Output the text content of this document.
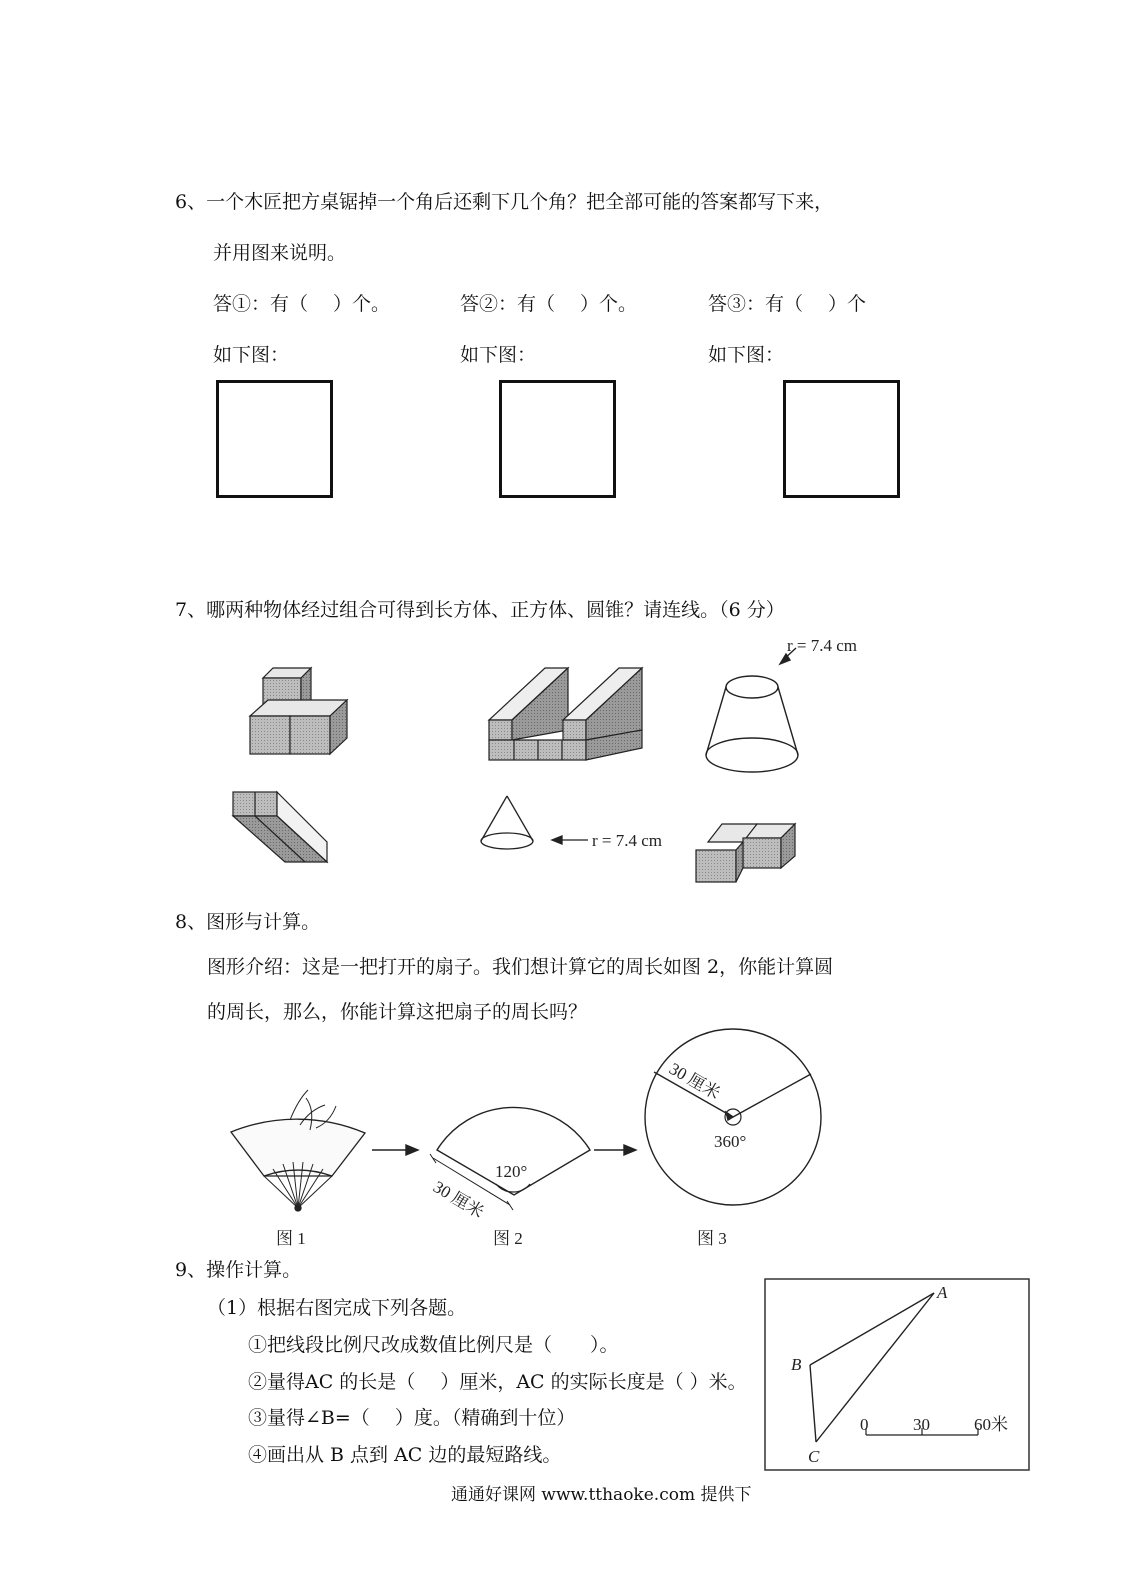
6、一个木匠把方桌锯掉一个角后还剩下几个角？把全部可能的答案都写下来，
并用图来说明。
答①：有（　 ）个。	答②：有（　 ）个。	答③：有（　 ）个
如下图：	如下图：	如下图：
7、哪两种物体经过组合可得到长方体、正方体、圆锥？请连线。（6 分）
r = 7.4 cm
r = 7.4 cm
8、图形与计算。
图形介绍：这是一把打开的扇子。我们想计算它的周长如图 2，你能计算圆
的周长，那么，你能计算这把扇子的周长吗？
120°
30 厘米
30 厘米
360°
图 1	图 2	图 3
9、操作计算。
（1）根据右图完成下列各题。
①把线段比例尺改成数值比例尺是（　　）。
②量得AC 的长是（　 ）厘米，AC 的实际长度是（ ）米。
③量得∠B=（　 ）度。（精确到十位）
④画出从 B 点到 AC 边的最短路线。
A
B
C
0	30	60米
通通好课网 www.tthaoke.com 提供下
